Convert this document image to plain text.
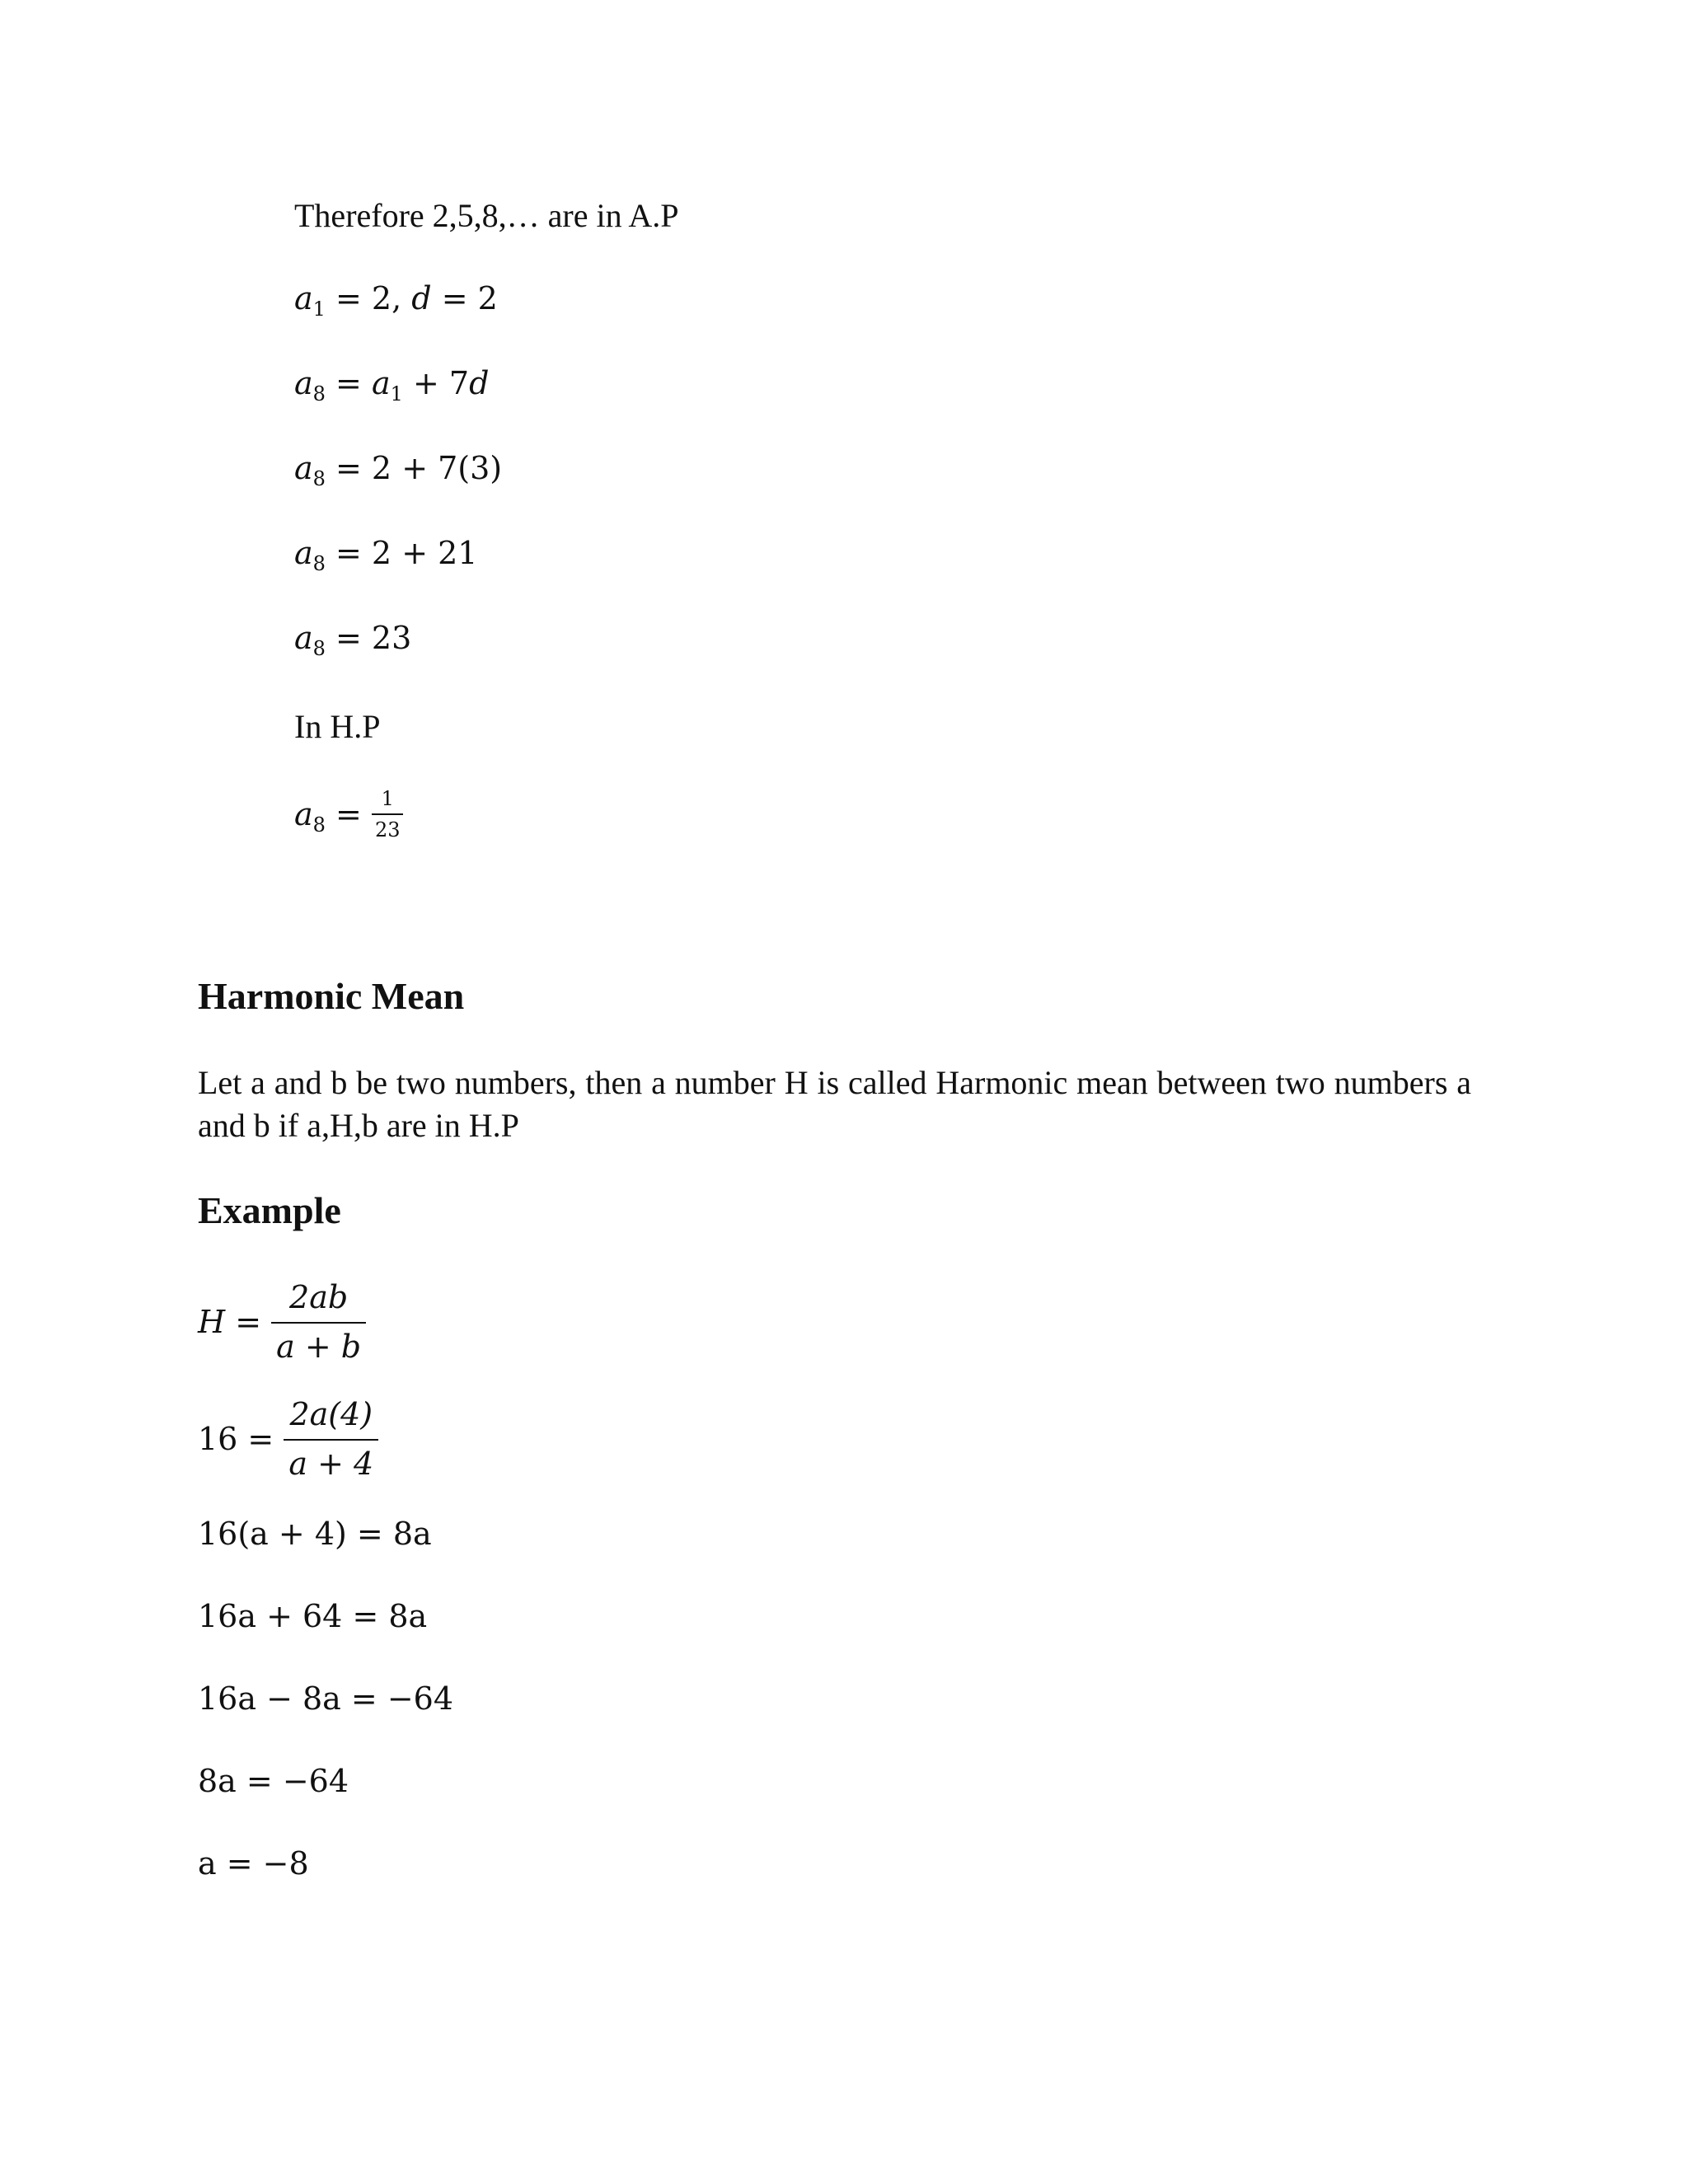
Therefore 2,5,8,… are in A.P
$a_1 = 2$, d = 2
$a_8 = a_1 + 7d$
$a_8 = 2 + 7(3)$
$a_8 = 2 + 21$
$a_8 = 23$
In H.P
$a_8 = \frac{1}{23}$
Harmonic Mean
Let a and b be two numbers, then a number H is called Harmonic mean between two numbers a and b if a,H,b are in H.P
Example
$H = \frac{2ab}{a + b}$
$16 = \frac{2a(4)}{a + 4}$
16(a + 4) = 8a
16a + 64 = 8a
16a − 8a = −64
8a = −64
a = −8
